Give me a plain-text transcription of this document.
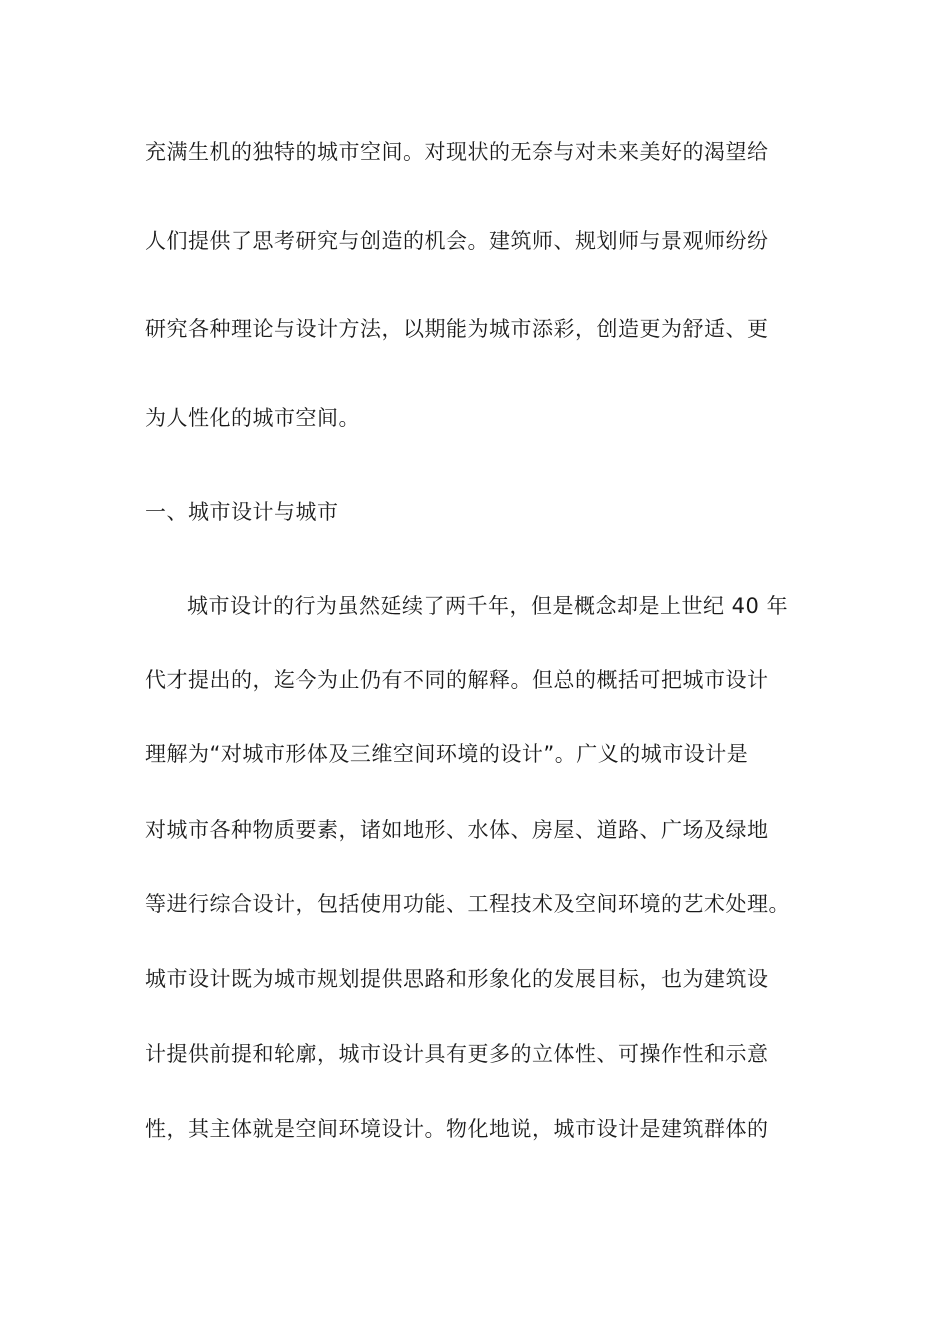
充满生机的独特的城市空间。对现状的无奈与对未来美好的渴望给
人们提供了思考研究与创造的机会。建筑师、规划师与景观师纷纷
研究各种理论与设计方法，以期能为城市添彩，创造更为舒适、更
为人性化的城市空间。
一、城市设计与城市
城市设计的行为虽然延续了两千年，但是概念却是上世纪 40 年
代才提出的，迄今为止仍有不同的解释。但总的概括可把城市设计
理解为“对城市形体及三维空间环境的设计”。广义的城市设计是
对城市各种物质要素，诸如地形、水体、房屋、道路、广场及绿地
等进行综合设计，包括使用功能、工程技术及空间环境的艺术处理。
城市设计既为城市规划提供思路和形象化的发展目标，也为建筑设
计提供前提和轮廓，城市设计具有更多的立体性、可操作性和示意
性，其主体就是空间环境设计。物化地说，城市设计是建筑群体的
